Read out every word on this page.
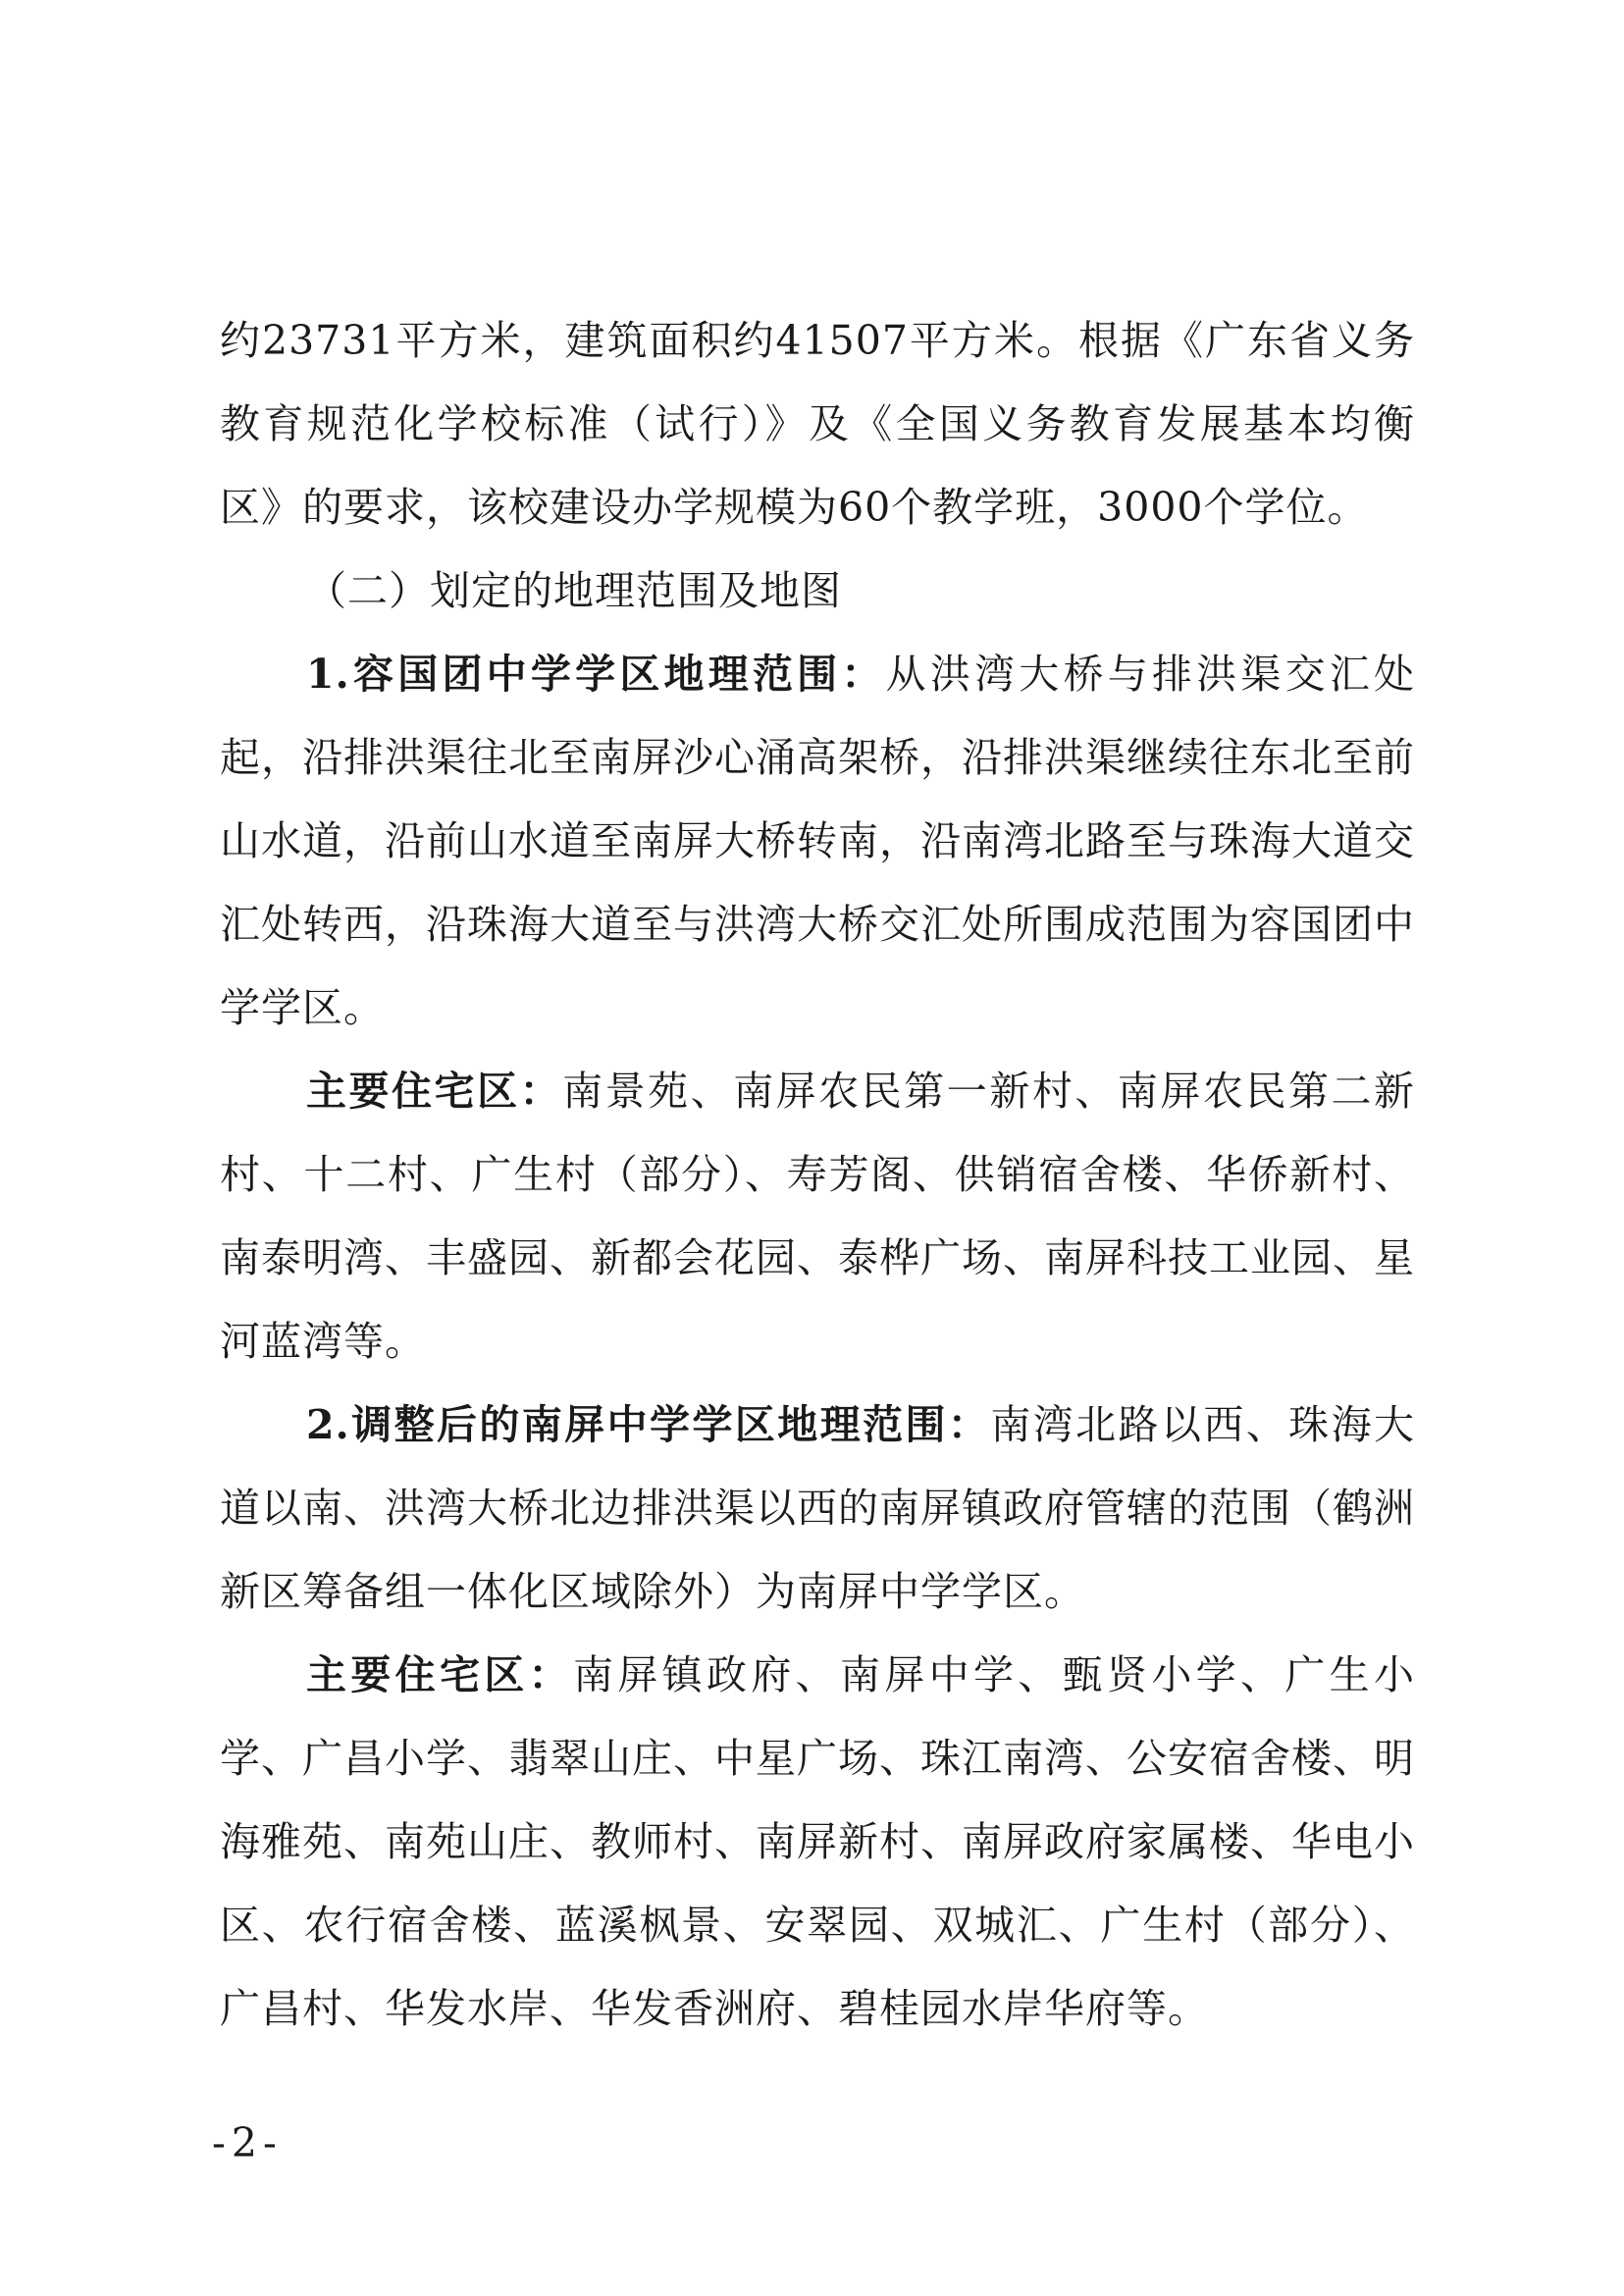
约23731平方米，建筑面积约41507平方米。根据《广东省义务教育规范化学校标准（试行）》及《全国义务教育发展基本均衡区》的要求，该校建设办学规模为60个教学班，3000个学位。

（二）划定的地理范围及地图

1.容国团中学学区地理范围：从洪湾大桥与排洪渠交汇处起，沿排洪渠往北至南屏沙心涌高架桥，沿排洪渠继续往东北至前山水道，沿前山水道至南屏大桥转南，沿南湾北路至与珠海大道交汇处转西，沿珠海大道至与洪湾大桥交汇处所围成范围为容国团中学学区。

主要住宅区：南景苑、南屏农民第一新村、南屏农民第二新村、十二村、广生村（部分）、寿芳阁、供销宿舍楼、华侨新村、南泰明湾、丰盛园、新都会花园、泰桦广场、南屏科技工业园、星河蓝湾等。

2.调整后的南屏中学学区地理范围：南湾北路以西、珠海大道以南、洪湾大桥北边排洪渠以西的南屏镇政府管辖的范围（鹤洲新区筹备组一体化区域除外）为南屏中学学区。

主要住宅区：南屏镇政府、南屏中学、甄贤小学、广生小学、广昌小学、翡翠山庄、中星广场、珠江南湾、公安宿舍楼、明海雅苑、南苑山庄、教师村、南屏新村、南屏政府家属楼、华电小区、农行宿舍楼、蓝溪枫景、安翠园、双城汇、广生村（部分）、广昌村、华发水岸、华发香洲府、碧桂园水岸华府等。

-2-
